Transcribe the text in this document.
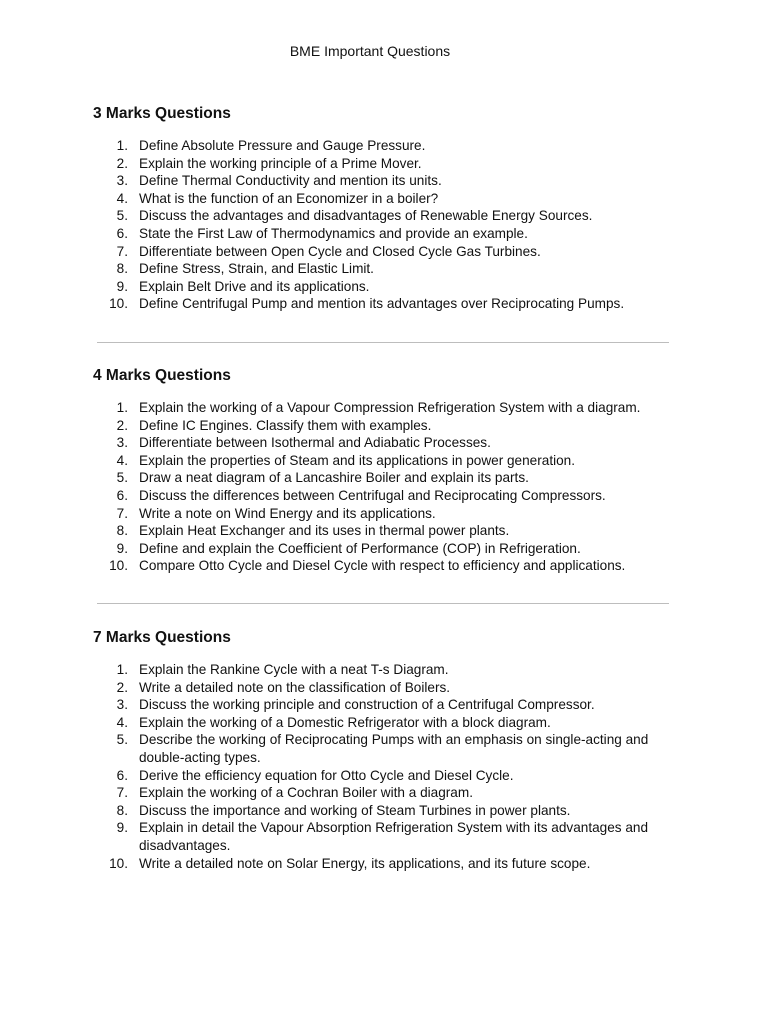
BME Important Questions
3 Marks Questions
1. Define Absolute Pressure and Gauge Pressure.
2. Explain the working principle of a Prime Mover.
3. Define Thermal Conductivity and mention its units.
4. What is the function of an Economizer in a boiler?
5. Discuss the advantages and disadvantages of Renewable Energy Sources.
6. State the First Law of Thermodynamics and provide an example.
7. Differentiate between Open Cycle and Closed Cycle Gas Turbines.
8. Define Stress, Strain, and Elastic Limit.
9. Explain Belt Drive and its applications.
10. Define Centrifugal Pump and mention its advantages over Reciprocating Pumps.
4 Marks Questions
1. Explain the working of a Vapour Compression Refrigeration System with a diagram.
2. Define IC Engines. Classify them with examples.
3. Differentiate between Isothermal and Adiabatic Processes.
4. Explain the properties of Steam and its applications in power generation.
5. Draw a neat diagram of a Lancashire Boiler and explain its parts.
6. Discuss the differences between Centrifugal and Reciprocating Compressors.
7. Write a note on Wind Energy and its applications.
8. Explain Heat Exchanger and its uses in thermal power plants.
9. Define and explain the Coefficient of Performance (COP) in Refrigeration.
10. Compare Otto Cycle and Diesel Cycle with respect to efficiency and applications.
7 Marks Questions
1. Explain the Rankine Cycle with a neat T-s Diagram.
2. Write a detailed note on the classification of Boilers.
3. Discuss the working principle and construction of a Centrifugal Compressor.
4. Explain the working of a Domestic Refrigerator with a block diagram.
5. Describe the working of Reciprocating Pumps with an emphasis on single-acting and double-acting types.
6. Derive the efficiency equation for Otto Cycle and Diesel Cycle.
7. Explain the working of a Cochran Boiler with a diagram.
8. Discuss the importance and working of Steam Turbines in power plants.
9. Explain in detail the Vapour Absorption Refrigeration System with its advantages and disadvantages.
10. Write a detailed note on Solar Energy, its applications, and its future scope.
